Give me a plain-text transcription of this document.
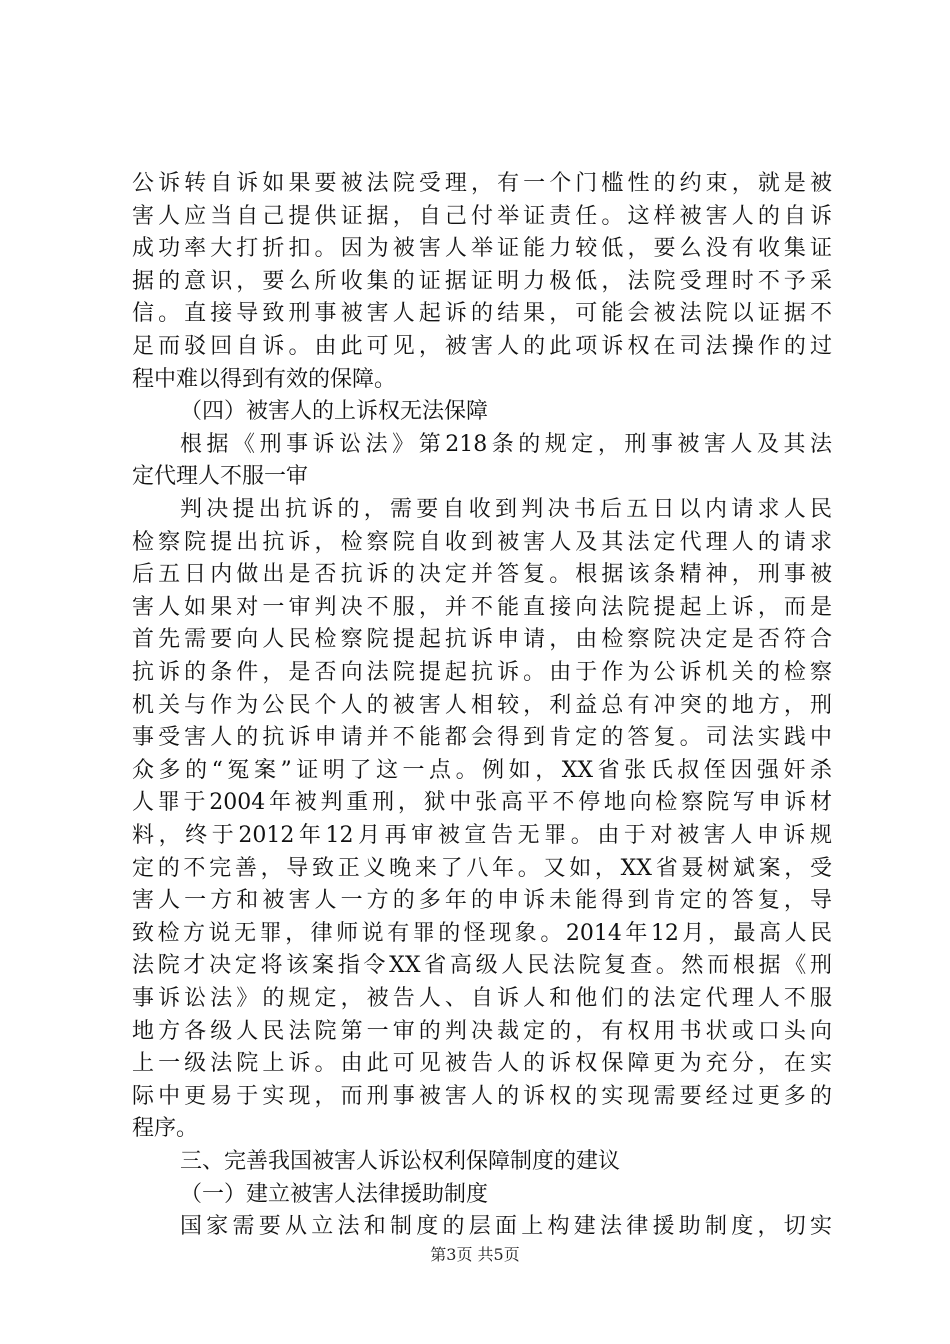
公诉转自诉如果要被法院受理，有一个门槛性的约束，就是被
害人应当自己提供证据，自己付举证责任。这样被害人的自诉
成功率大打折扣。因为被害人举证能力较低，要么没有收集证
据的意识，要么所收集的证据证明力极低，法院受理时不予采
信。直接导致刑事被害人起诉的结果，可能会被法院以证据不
足而驳回自诉。由此可见，被害人的此项诉权在司法操作的过
程中难以得到有效的保障。
（四）被害人的上诉权无法保障
根据《刑事诉讼法》第218条的规定，刑事被害人及其法
定代理人不服一审
判决提出抗诉的，需要自收到判决书后五日以内请求人民
检察院提出抗诉，检察院自收到被害人及其法定代理人的请求
后五日内做出是否抗诉的决定并答复。根据该条精神，刑事被
害人如果对一审判决不服，并不能直接向法院提起上诉，而是
首先需要向人民检察院提起抗诉申请，由检察院决定是否符合
抗诉的条件，是否向法院提起抗诉。由于作为公诉机关的检察
机关与作为公民个人的被害人相较，利益总有冲突的地方，刑
事受害人的抗诉申请并不能都会得到肯定的答复。司法实践中
众多的“冤案”证明了这一点。例如，XX省张氏叔侄因强奸杀
人罪于2004年被判重刑，狱中张高平不停地向检察院写申诉材
料，终于2012年12月再审被宣告无罪。由于对被害人申诉规
定的不完善，导致正义晚来了八年。又如，XX省聂树斌案，受
害人一方和被害人一方的多年的申诉未能得到肯定的答复，导
致检方说无罪，律师说有罪的怪现象。2014年12月，最高人民
法院才决定将该案指令XX省高级人民法院复查。然而根据《刑
事诉讼法》的规定，被告人、自诉人和他们的法定代理人不服
地方各级人民法院第一审的判决裁定的，有权用书状或口头向
上一级法院上诉。由此可见被告人的诉权保障更为充分，在实
际中更易于实现，而刑事被害人的诉权的实现需要经过更多的
程序。
三、完善我国被害人诉讼权利保障制度的建议
（一）建立被害人法律援助制度
国家需要从立法和制度的层面上构建法律援助制度，切实
第3页 共5页
